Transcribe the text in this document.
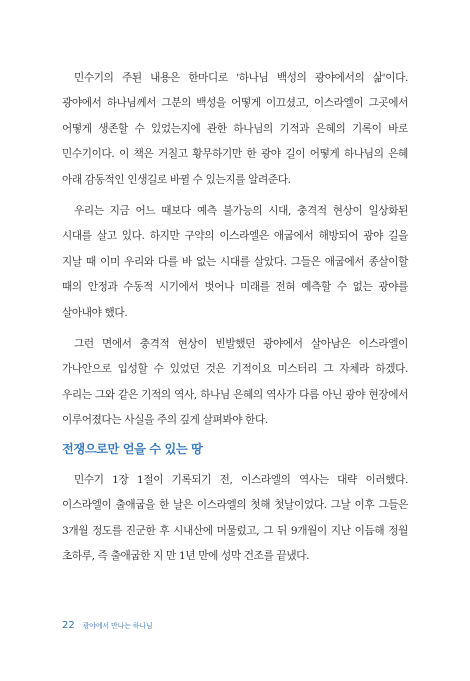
민수기의 주된 내용은 한마디로 '하나님 백성의 광야에서의 삶'이다. 광야에서 하나님께서 그분의 백성을 어떻게 이끄셨고, 이스라엘이 그곳에서 어떻게 생존할 수 있었는지에 관한 하나님의 기적과 은혜의 기록이 바로 민수기이다. 이 책은 거칠고 황무하기만 한 광야 길이 어떻게 하나님의 은혜 아래 감동적인 인생길로 바뀔 수 있는지를 알려준다.

우리는 지금 어느 때보다 예측 불가능의 시대, 충격적 현상이 일상화된 시대를 살고 있다. 하지만 구약의 이스라엘은 애굽에서 해방되어 광야 길을 지날 때 이미 우리와 다를 바 없는 시대를 살았다. 그들은 애굽에서 종살이할 때의 안정과 수동적 시기에서 벗어나 미래를 전혀 예측할 수 없는 광야를 살아내야 했다.

그런 면에서 충격적 현상이 빈발했던 광야에서 살아남은 이스라엘이 가나안으로 입성할 수 있었던 것은 기적이요 미스터리 그 자체라 하겠다. 우리는 그와 같은 기적의 역사, 하나님 은혜의 역사가 다름 아닌 광야 현장에서 이루어졌다는 사실을 주의 깊게 살펴봐야 한다.

전쟁으로만 얻을 수 있는 땅

민수기 1장 1절이 기록되기 전, 이스라엘의 역사는 대략 이러했다. 이스라엘이 출애굽을 한 날은 이스라엘의 첫해 첫날이었다. 그날 이후 그들은 3개월 정도를 진군한 후 시내산에 머물렀고, 그 뒤 9개월이 지난 이듬해 정월 초하루, 즉 출애굽한 지 만 1년 만에 성막 건조를 끝냈다.

22 광야에서 만나는 하나님
